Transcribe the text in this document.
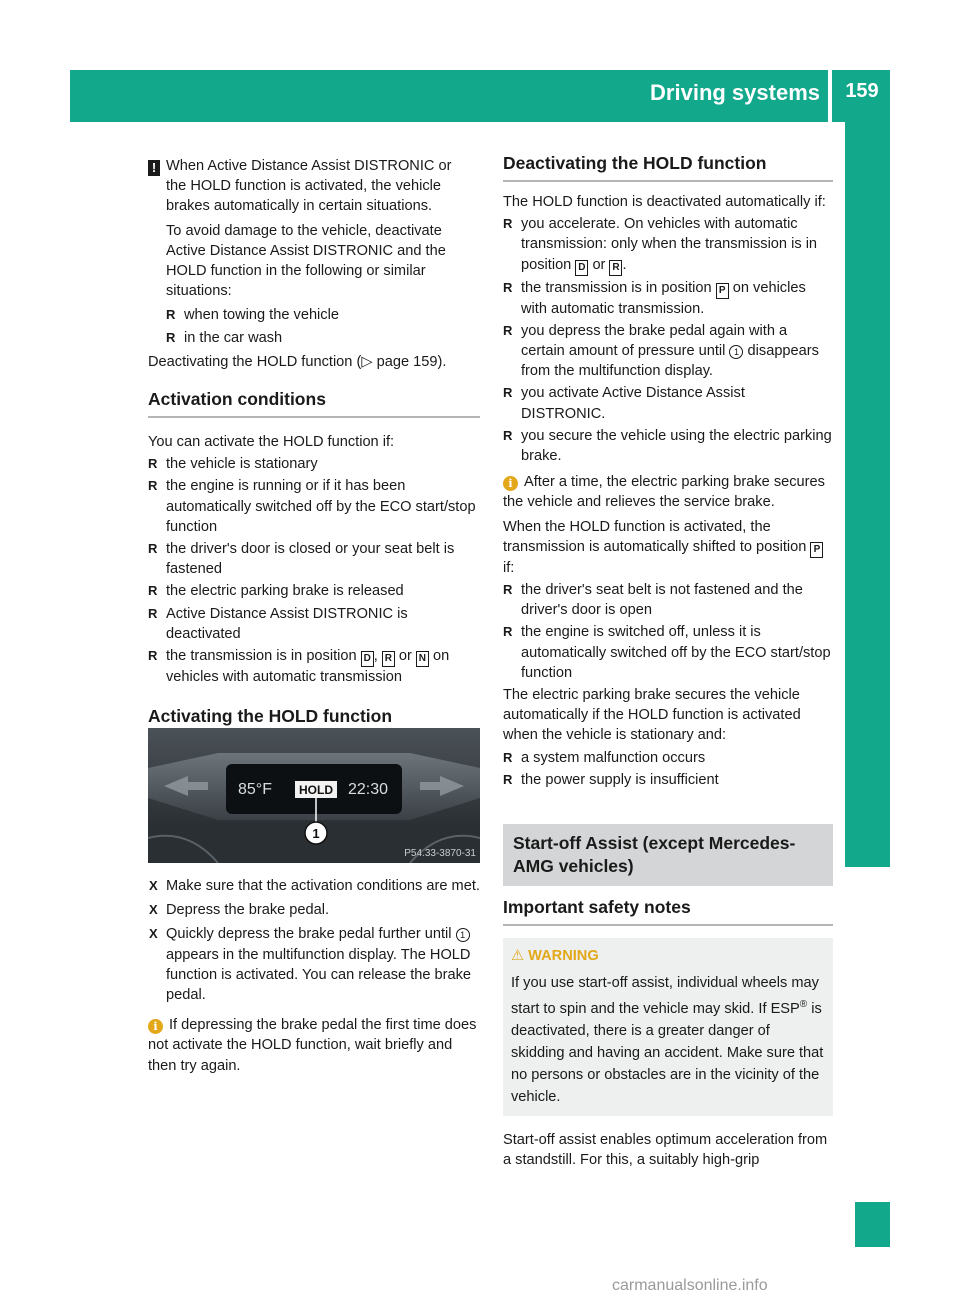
Driving systems	159
Driving and parking

! When Active Distance Assist DISTRONIC or

the HOLD function is activated, the vehicle

brakes automatically in certain situations.

To avoid damage to the vehicle, deactivate Active Distance Assist DISTRONIC and the HOLD function in the following or similar situations:

R when towing the vehicle

R in the car wash

Deactivating the HOLD function (▷ page 159).

Activation conditions

You can activate the HOLD function if:

R the vehicle is stationary

R the engine is running or if it has been automatically switched off by the ECO start/stop function

R the driver's door is closed or your seat belt is fastened

R the electric parking brake is released

R Active Distance Assist DISTRONIC is deactivated

R the transmission is in position D , R or N on vehicles with automatic transmission

Activating the HOLD function
85°F HOLD 22:30
1
P54.33-3870-31

X Make sure that the activation conditions are met.

X Depress the brake pedal.

X Quickly depress the brake pedal further until 1 appears in the multifunction display. The HOLD function is activated. You can release the brake pedal.

i If depressing the brake pedal the first time does not activate the HOLD function, wait briefly and then try again.

Deactivating the HOLD function

The HOLD function is deactivated automatically if:

R you accelerate. On vehicles with automatic transmission: only when the transmission is in position D or R .

R the transmission is in position P on vehicles with automatic transmission.

R you depress the brake pedal again with a certain amount of pressure until 1 disappears from the multifunction display.

R you activate Active Distance Assist DISTRONIC.

R you secure the vehicle using the electric parking brake.

i After a time, the electric parking brake secures the vehicle and relieves the service brake.

When the HOLD function is activated, the transmission is automatically shifted to position P if:

R the driver's seat belt is not fastened and the driver's door is open

R the engine is switched off, unless it is automatically switched off by the ECO start/stop function

The electric parking brake secures the vehicle automatically if the HOLD function is activated when the vehicle is stationary and:

R a system malfunction occurs

R the power supply is insufficient

Start-off Assist (except Mercedes-
AMG vehicles)
Important safety notes
⚠ WARNING
If you use start-off assist, individual wheels may start to spin and the vehicle may skid. If ESP® is deactivated, there is a greater danger of skidding and having an accident. Make sure that no persons or obstacles are in the vicinity of the vehicle.

Start-off assist enables optimum acceleration from a standstill. For this, a suitably high-grip

carmanualsonline.info
